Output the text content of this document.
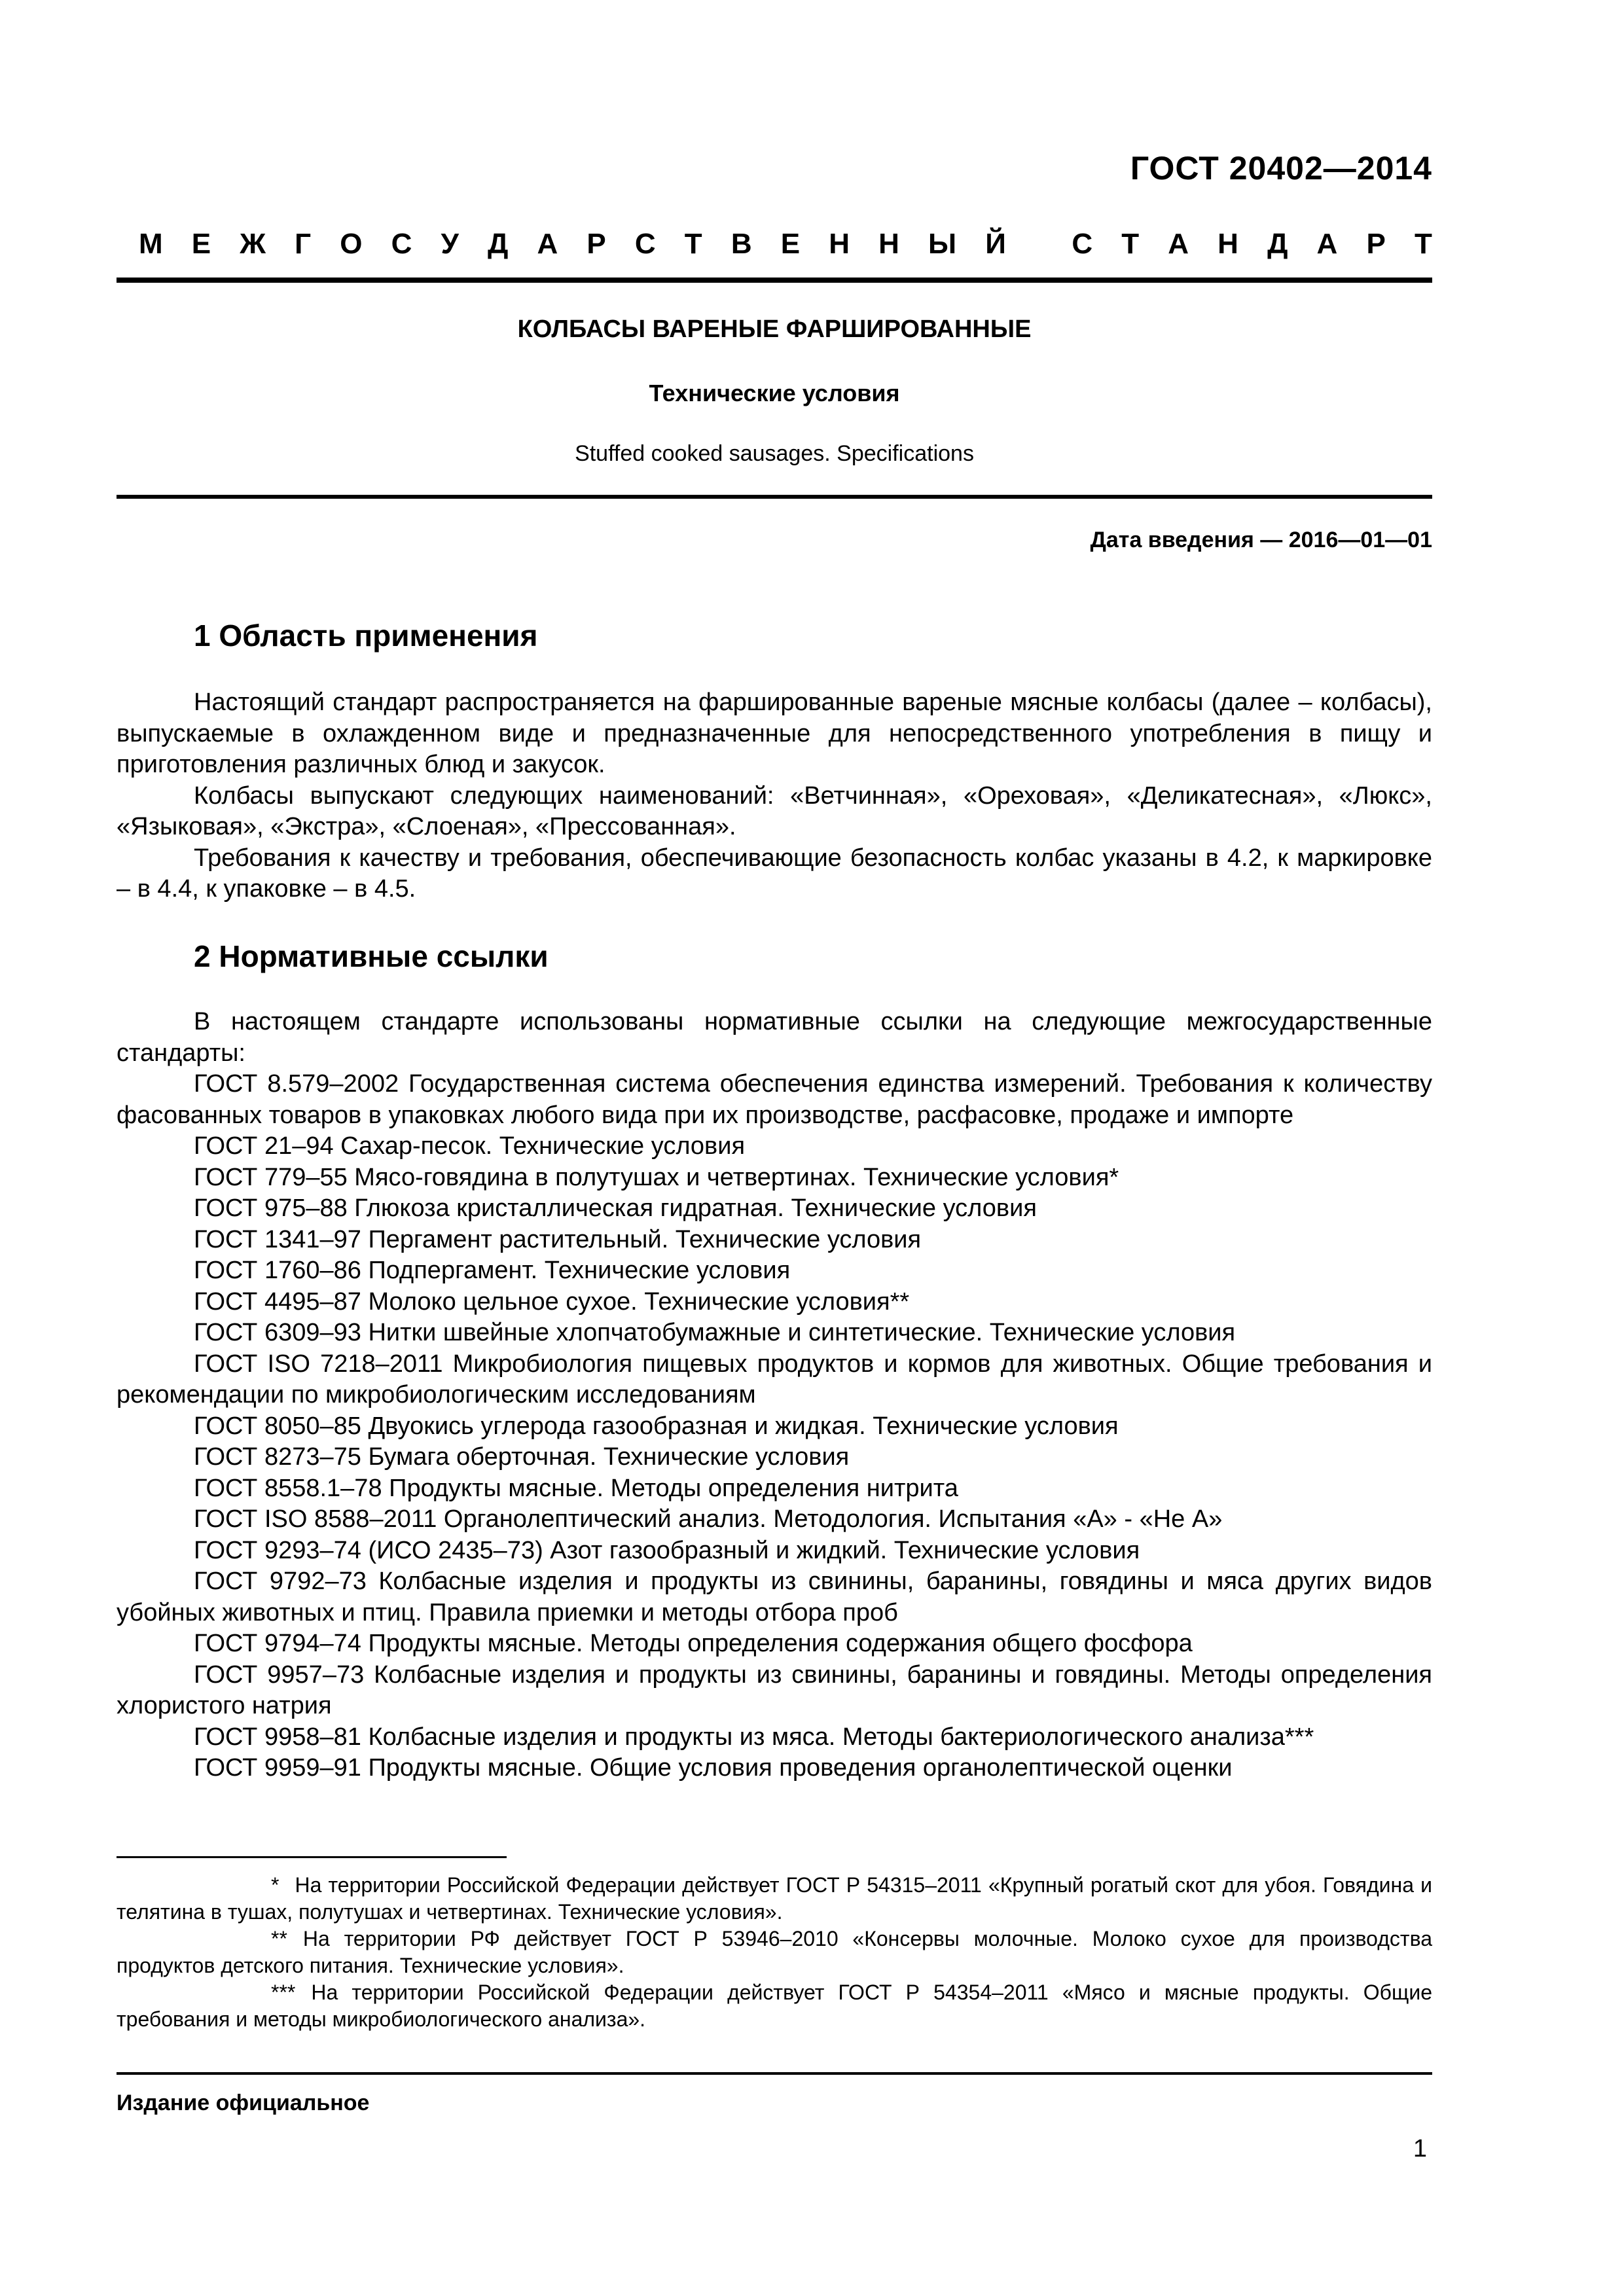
ГОСТ 20402—2014
М Е Ж Г О С У Д А Р С Т В Е Н Н Ы Й
С Т А Н Д А Р Т
КОЛБАСЫ ВАРЕНЫЕ ФАРШИРОВАННЫЕ
Технические условия
Stuffed cooked sausages. Specifications
Дата введения — 2016—01—01
1 Область применения

Настоящий стандарт распространяется на фаршированные вареные мясные колбасы (далее – колбасы), выпускаемые в охлажденном виде и предназначенные для непосредственного употребления в пищу и приготовления различных блюд и закусок.

Колбасы выпускают следующих наименований: «Ветчинная», «Ореховая», «Деликатесная», «Люкс», «Языковая», «Экстра», «Слоеная», «Прессованная».

Требования к качеству и требования, обеспечивающие безопасность колбас указаны в 4.2, к маркировке – в 4.4, к упаковке – в 4.5.

2 Нормативные ссылки

В настоящем стандарте использованы нормативные ссылки на следующие межгосударственные стандарты:

ГОСТ 8.579–2002 Государственная система обеспечения единства измерений. Требования к количеству фасованных товаров в упаковках любого вида при их производстве, расфасовке, продаже и импорте

ГОСТ 21–94 Сахар-песок. Технические условия

ГОСТ 779–55 Мясо-говядина в полутушах и четвертинах. Технические условия*

ГОСТ 975–88 Глюкоза кристаллическая гидратная. Технические условия

ГОСТ 1341–97 Пергамент растительный. Технические условия

ГОСТ 1760–86 Подпергамент. Технические условия

ГОСТ 4495–87 Молоко цельное сухое. Технические условия**

ГОСТ 6309–93 Нитки швейные хлопчатобумажные и синтетические. Технические условия

ГОСТ ISO 7218–2011 Микробиология пищевых продуктов и кормов для животных. Общие требования и рекомендации по микробиологическим исследованиям

ГОСТ 8050–85 Двуокись углерода газообразная и жидкая. Технические условия

ГОСТ 8273–75 Бумага оберточная. Технические условия

ГОСТ 8558.1–78 Продукты мясные. Методы определения нитрита

ГОСТ ISO 8588–2011 Органолептический анализ. Методология. Испытания «А» - «Не А»

ГОСТ 9293–74 (ИСО 2435–73) Азот газообразный и жидкий. Технические условия

ГОСТ 9792–73 Колбасные изделия и продукты из свинины, баранины, говядины и мяса других видов убойных животных и птиц. Правила приемки и методы отбора проб

ГОСТ 9794–74 Продукты мясные. Методы определения содержания общего фосфора

ГОСТ 9957–73 Колбасные изделия и продукты из свинины, баранины и говядины. Методы определения хлористого натрия

ГОСТ 9958–81 Колбасные изделия и продукты из мяса. Методы бактериологического анализа***

ГОСТ 9959–91 Продукты мясные. Общие условия проведения органолептической оценки

* На территории Российской Федерации действует ГОСТ Р 54315–2011 «Крупный рогатый скот для убоя. Говядина и телятина в тушах, полутушах и четвертинах. Технические условия».

** На территории РФ действует ГОСТ Р 53946–2010 «Консервы молочные. Молоко сухое для производства продуктов детского питания. Технические условия».

*** На территории Российской Федерации действует ГОСТ Р 54354–2011 «Мясо и мясные продукты. Общие требования и методы микробиологического анализа».

Издание официальное
1
